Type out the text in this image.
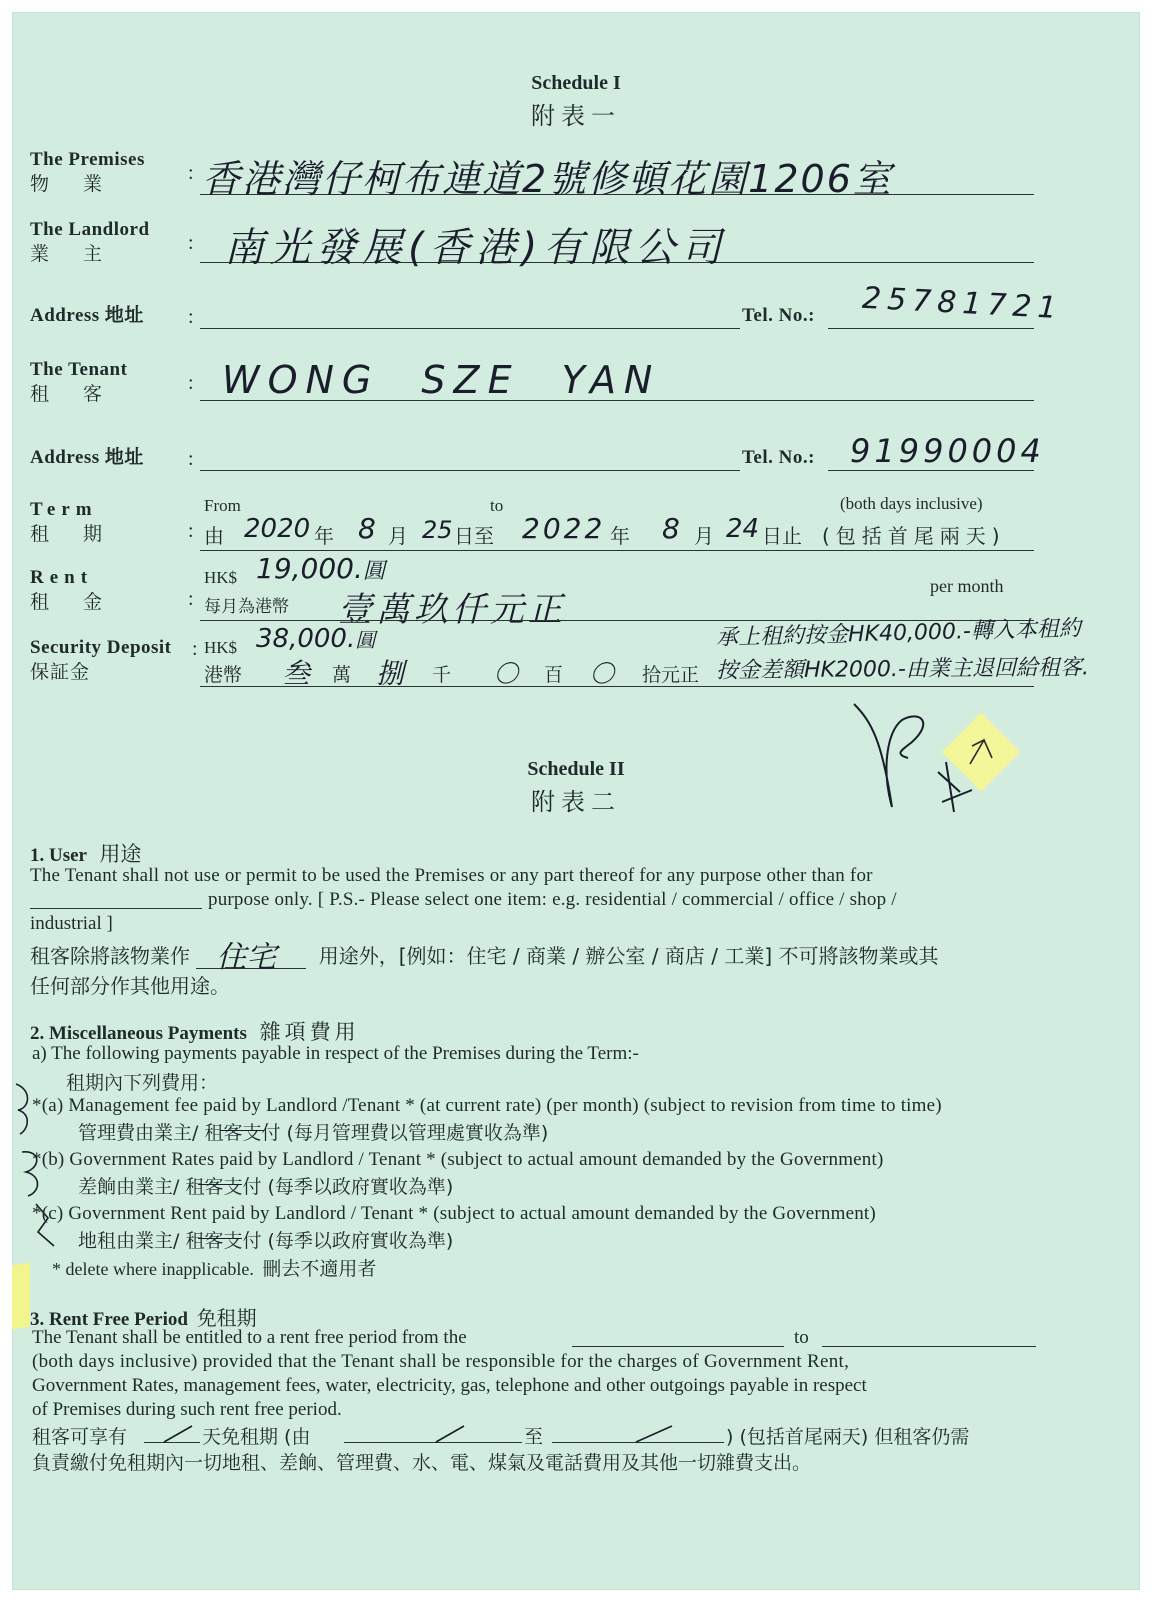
Schedule I
附表一
The Premises
物 業	: 香港灣仔柯布連道2號修頓花園1206室
The Landlord
業 主	: 南光發展(香港)有限公司
Address 地址 :	Tel. No.: 25781721
The Tenant
租 客	: WONG SZE YAN
Address 地址 :	Tel. No.: 91990004
Term
租 期
From	to	(both days inclusive)
: 由 2020 年 8 月 25 日至 2022 年 8 月 24 日止 (包括首尾兩天)
Rent
租 金
HK$ 19,000.圓
: 每月為港幣 壹萬玖仟元正
per month
Security Deposit
保証金
: HK$ 38,000.圓	承上租約按金HK40,000.-轉入本租約
港幣 叁 萬 捌 千 〇 百 〇 拾元正 按金差額HK2000.-由業主退回給租客.
Schedule II
附表二
1. User 用途
The Tenant shall not use or permit to be used the Premises or any part thereof for any purpose other than for
purpose only. [ P.S.- Please select one item: e.g. residential / commercial / office / shop /
industrial ]
租客除將該物業作 住宅 用途外，[例如：住宅 / 商業 / 辦公室 / 商店 / 工業] 不可將該物業或其
任何部分作其他用途。
2. Miscellaneous Payments 雜項費用
a) The following payments payable in respect of the Premises during the Term:-
租期內下列費用：
*(a) Management fee paid by Landlord /Tenant * (at current rate) (per month) (subject to revision from time to time)
管理費由業主/ 租客支付 (每月管理費以管理處實收為準)
*(b) Government Rates paid by Landlord / Tenant * (subject to actual amount demanded by the Government)
差餉由業主/ 租客支付 (每季以政府實收為準)
*(c) Government Rent paid by Landlord / Tenant * (subject to actual amount demanded by the Government)
地租由業主/ 租客支付 (每季以政府實收為準)
* delete where inapplicable. 刪去不適用者
3. Rent Free Period 免租期
The Tenant shall be entitled to a rent free period from the	to
(both days inclusive) provided that the Tenant shall be responsible for the charges of Government Rent,
Government Rates, management fees, water, electricity, gas, telephone and other outgoings payable in respect
of Premises during such rent free period.
租客可享有	天免租期 (由	至	) (包括首尾兩天) 但租客仍需
負責繳付免租期內一切地租、差餉、管理費、水、電、煤氣及電話費用及其他一切雜費支出。
